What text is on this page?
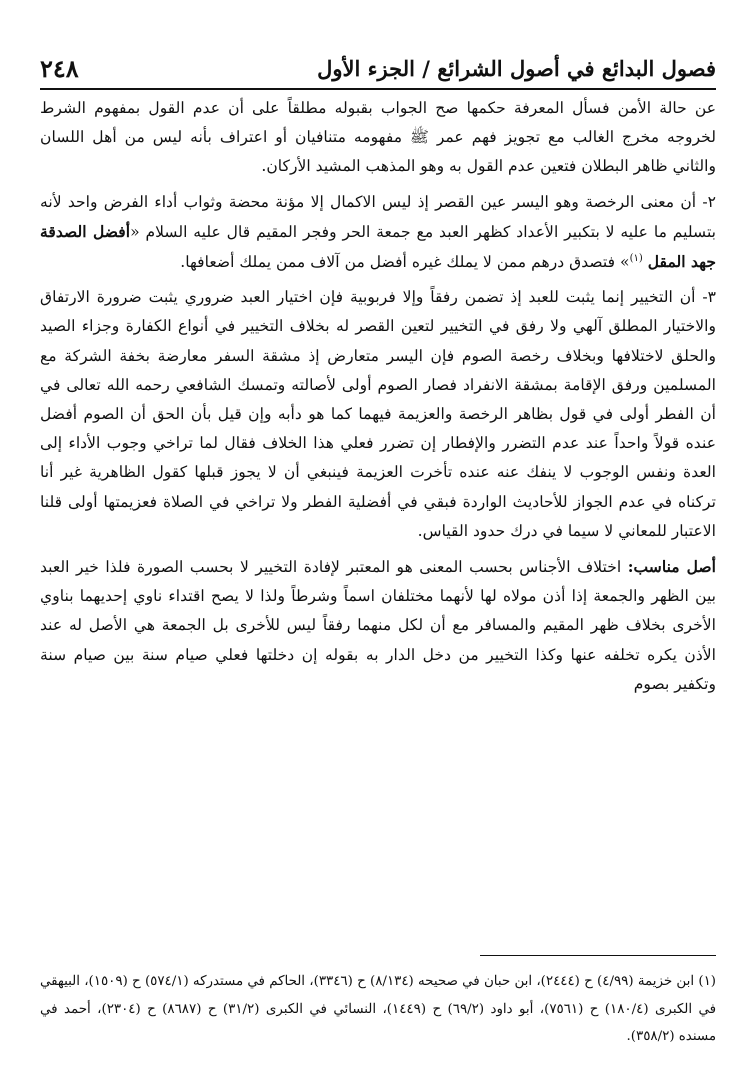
فصول البدائع في أصول الشرائع / الجزء الأول
٢٤٨

عن حالة الأمن فسأل المعرفة حكمها صح الجواب بقبوله مطلقاً على أن عدم القول بمفهوم الشرط لخروجه مخرج الغالب مع تجويز فهم عمر ﷺ مفهومه متنافيان أو اعتراف بأنه ليس من أهل اللسان والثاني ظاهر البطلان فتعين عدم القول به وهو المذهب المشيد الأركان.

٢- أن معنى الرخصة وهو اليسر عين القصر إذ ليس الاكمال إلا مؤنة محضة وثواب أداء الفرض واحد لأنه بتسليم ما عليه لا بتكبير الأعداد كظهر العبد مع جمعة الحر وفجر المقيم قال عليه السلام «أفضل الصدقة جهد المقل $^{(١)}$» فتصدق درهم ممن لا يملك غيره أفضل من آلاف ممن يملك أضعافها.

٣- أن التخيير إنما يثبت للعبد إذ تضمن رفقاً وإلا فربوبية فإن اختيار العبد ضروري يثبت ضرورة الارتفاق والاختيار المطلق آلهي ولا رفق في التخيير لتعين القصر له بخلاف التخيير في أنواع الكفارة وجزاء الصيد والحلق لاختلافها وبخلاف رخصة الصوم فإن اليسر متعارض إذ مشقة السفر معارضة بخفة الشركة مع المسلمين ورفق الإقامة بمشقة الانفراد فصار الصوم أولى لأصالته وتمسك الشافعي رحمه الله تعالى في أن الفطر أولى في قول بظاهر الرخصة والعزيمة فيهما كما هو دأبه وإن قيل بأن الحق أن الصوم أفضل عنده قولاً واحداً عند عدم التضرر والإفطار إن تضرر فعلي هذا الخلاف فقال لما تراخي وجوب الأداء إلى العدة ونفس الوجوب لا ينفك عنه عنده تأخرت العزيمة فينبغي أن لا يجوز قبلها كقول الظاهرية غير أنا تركناه في عدم الجواز للأحاديث الواردة فبقي في أفضلية الفطر ولا تراخي في الصلاة فعزيمتها أولى قلنا الاعتبار للمعاني لا سيما في درك حدود القياس.

أصل مناسب: اختلاف الأجناس بحسب المعنى هو المعتبر لإفادة التخيير لا بحسب الصورة فلذا خير العبد بين الظهر والجمعة إذا أذن مولاه لها لأنهما مختلفان اسماً وشرطاً ولذا لا يصح اقتداء ناوي إحديهما بناوي الأخرى بخلاف ظهر المقيم والمسافر مع أن لكل منهما رفقاً ليس للأخرى بل الجمعة هي الأصل له عند الأذن يكره تخلفه عنها وكذا التخيير من دخل الدار به بقوله إن دخلتها فعلي صيام سنة بين صيام سنة وتكفير بصوم

(١) ابن خزيمة (٤/٩٩) ح (٢٤٤٤)، ابن حبان في صحيحه (٨/١٣٤) ح (٣٣٤٦)، الحاكم في مستدركه (٥٧٤/١) ح (١٥٠٩)، البيهقي في الكبرى (١٨٠/٤) ح (٧٥٦١)، أبو داود (٦٩/٢) ح (١٤٤٩)، النسائي في الكبرى (٣١/٢) ح (٨٦٨٧) ح (٢٣٠٤)، أحمد في مسنده (٣٥٨/٢).
